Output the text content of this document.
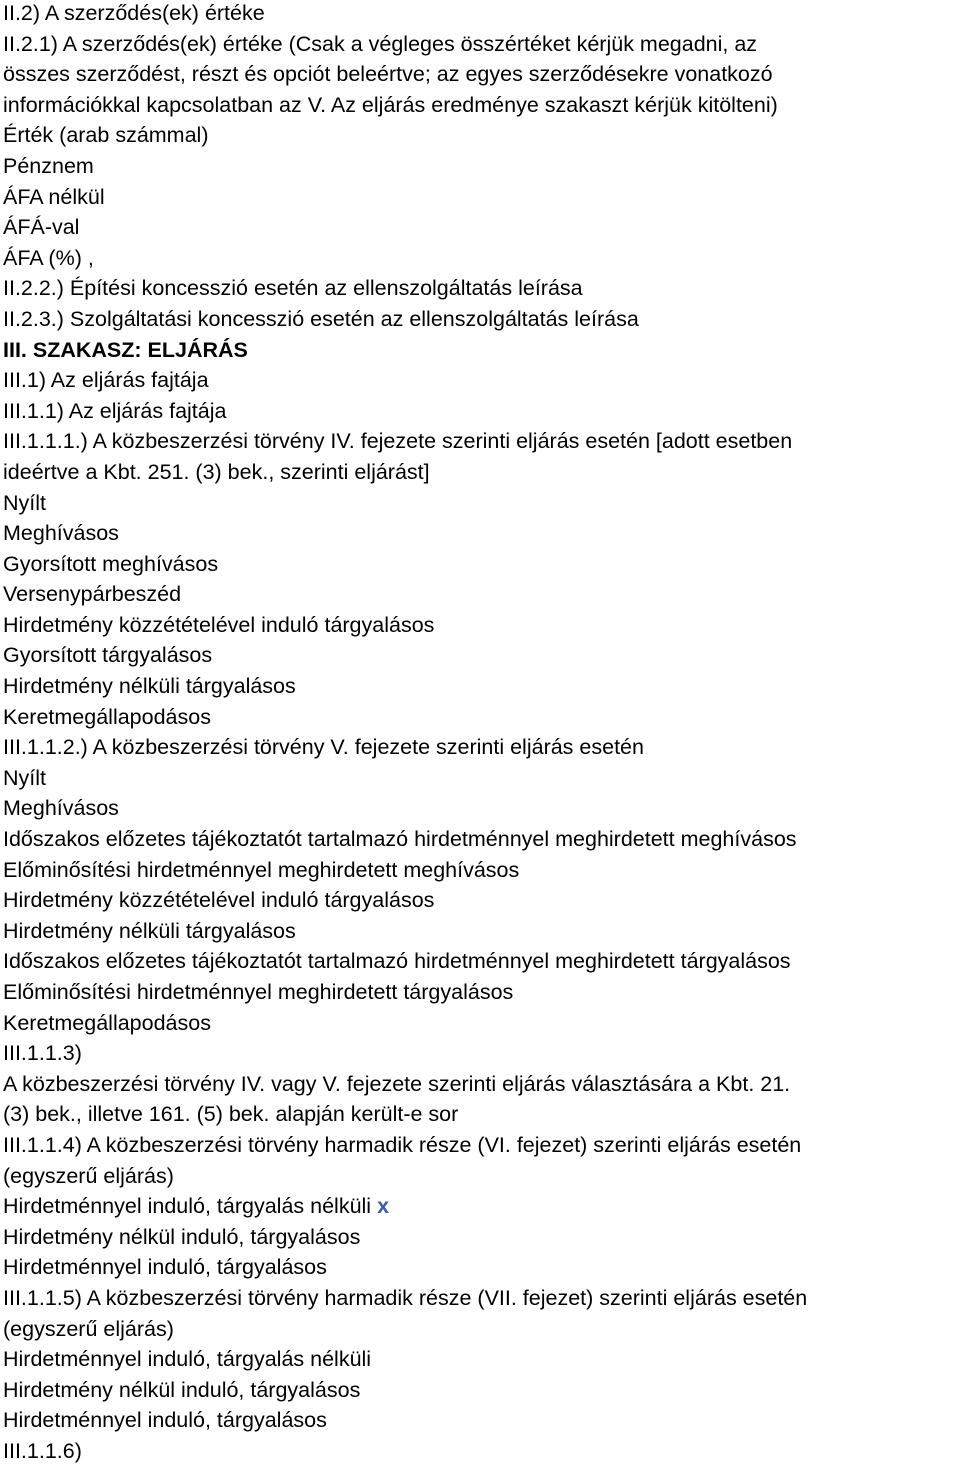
II.2) A szerződés(ek) értéke
II.2.1) A szerződés(ek) értéke (Csak a végleges összértéket kérjük megadni, az
összes szerződést, részt és opciót beleértve; az egyes szerződésekre vonatkozó
információkkal kapcsolatban az V. Az eljárás eredménye szakaszt kérjük kitölteni)
Érték (arab számmal)
Pénznem
ÁFA nélkül
ÁFÁ-val
ÁFA (%) ,
II.2.2.) Építési koncesszió esetén az ellenszolgáltatás leírása
II.2.3.) Szolgáltatási koncesszió esetén az ellenszolgáltatás leírása
III. SZAKASZ: ELJÁRÁS
III.1) Az eljárás fajtája
III.1.1) Az eljárás fajtája
III.1.1.1.) A közbeszerzési törvény IV. fejezete szerinti eljárás esetén [adott esetben
ideértve a Kbt. 251. (3) bek., szerinti eljárást]
Nyílt
Meghívásos
Gyorsított meghívásos
Versenypárbeszéd
Hirdetmény közzétételével induló tárgyalásos
Gyorsított tárgyalásos
Hirdetmény nélküli tárgyalásos
Keretmegállapodásos
III.1.1.2.) A közbeszerzési törvény V. fejezete szerinti eljárás esetén
Nyílt
Meghívásos
Időszakos előzetes tájékoztatót tartalmazó hirdetménnyel meghirdetett meghívásos
Előminősítési hirdetménnyel meghirdetett meghívásos
Hirdetmény közzétételével induló tárgyalásos
Hirdetmény nélküli tárgyalásos
Időszakos előzetes tájékoztatót tartalmazó hirdetménnyel meghirdetett tárgyalásos
Előminősítési hirdetménnyel meghirdetett tárgyalásos
Keretmegállapodásos
III.1.1.3)
A közbeszerzési törvény IV. vagy V. fejezete szerinti eljárás választására a Kbt. 21.
(3) bek., illetve 161. (5) bek. alapján került-e sor
III.1.1.4) A közbeszerzési törvény harmadik része (VI. fejezet) szerinti eljárás esetén
(egyszerű eljárás)
Hirdetménnyel induló, tárgyalás nélküli x
Hirdetmény nélkül induló, tárgyalásos
Hirdetménnyel induló, tárgyalásos
III.1.1.5) A közbeszerzési törvény harmadik része (VII. fejezet) szerinti eljárás esetén
(egyszerű eljárás)
Hirdetménnyel induló, tárgyalás nélküli
Hirdetmény nélkül induló, tárgyalásos
Hirdetménnyel induló, tárgyalásos
III.1.1.6)
